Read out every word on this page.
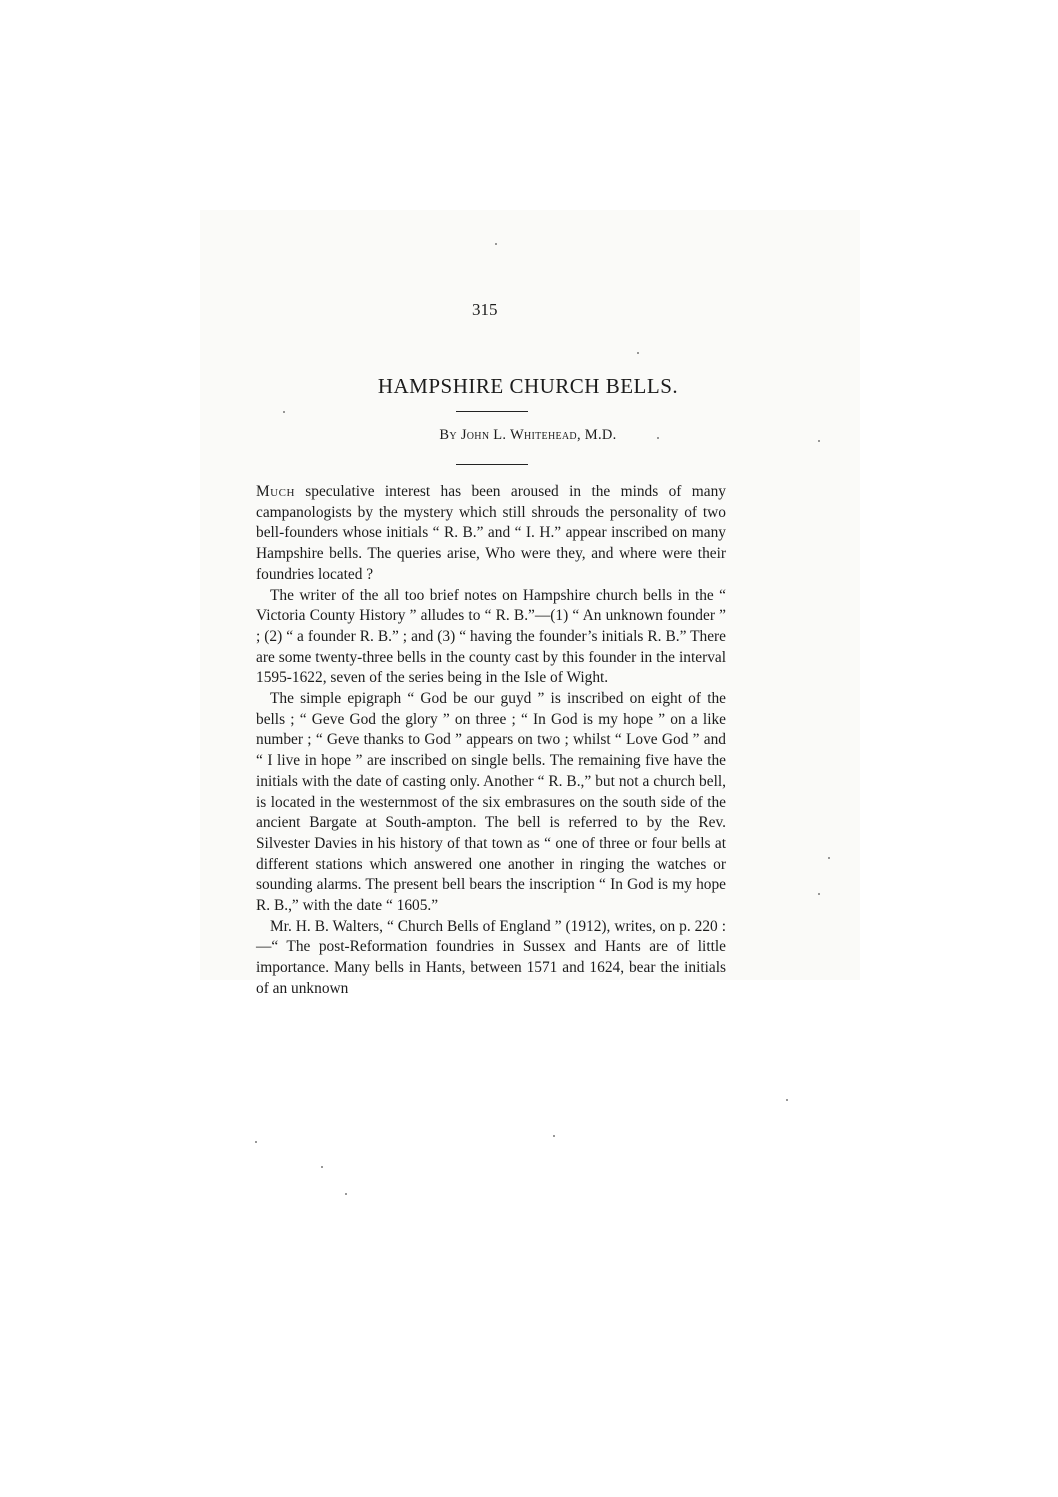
315
HAMPSHIRE CHURCH BELLS.
By John L. Whitehead, M.D.

Much speculative interest has been aroused in the minds of many campanologists by the mystery which still shrouds the personality of two bell-founders whose initials “ R. B.” and “ I. H.” appear inscribed on many Hampshire bells. The queries arise, Who were they, and where were their foundries located ?

The writer of the all too brief notes on Hampshire church bells in the “ Victoria County History ” alludes to “ R. B.”—(1) “ An unknown founder ” ; (2) “ a founder R. B.” ; and (3) “ having the founder’s initials R. B.” There are some twenty-three bells in the county cast by this founder in the interval 1595-1622, seven of the series being in the Isle of Wight.

The simple epigraph “ God be our guyd ” is inscribed on eight of the bells ; “ Geve God the glory ” on three ; “ In God is my hope ” on a like number ; “ Geve thanks to God ” appears on two ; whilst “ Love God ” and “ I live in hope ” are inscribed on single bells. The remaining five have the initials with the date of casting only. Another “ R. B.,” but not a church bell, is located in the westernmost of the six embrasures on the south side of the ancient Bargate at South-ampton. The bell is referred to by the Rev. Silvester Davies in his history of that town as “ one of three or four bells at different stations which answered one another in ringing the watches or sounding alarms. The present bell bears the inscription “ In God is my hope R. B.,” with the date “ 1605.”

Mr. H. B. Walters, “ Church Bells of England ” (1912), writes, on p. 220 :—“ The post-Reformation foundries in Sussex and Hants are of little importance. Many bells in Hants, between 1571 and 1624, bear the initials of an unknown
